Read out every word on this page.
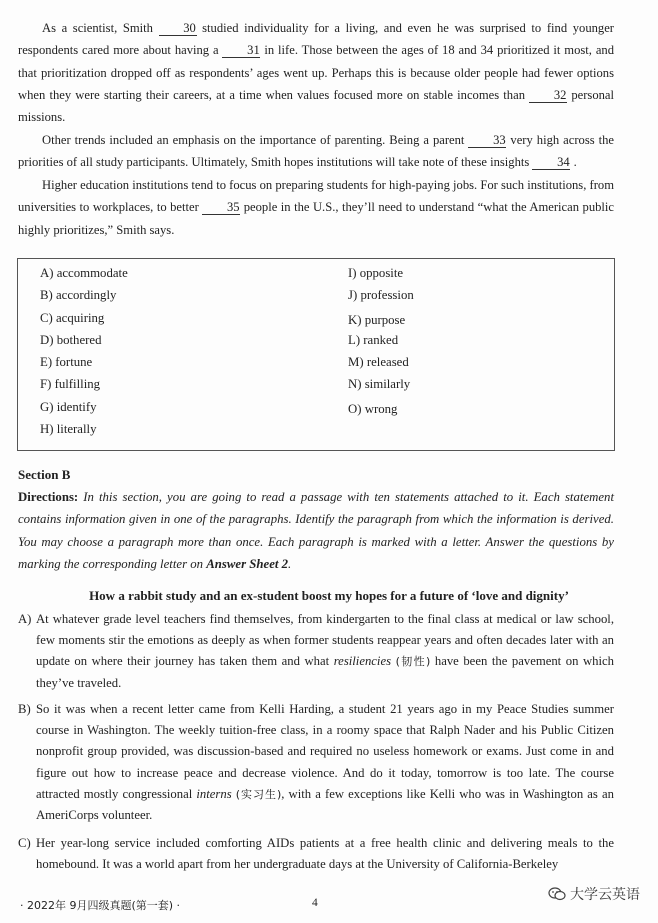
As a scientist, Smith 30 studied individuality for a living, and even he was surprised to find younger respondents cared more about having a 31 in life. Those between the ages of 18 and 34 prioritized it most, and that prioritization dropped off as respondents’ ages went up. Perhaps this is because older people had fewer options when they were starting their careers, at a time when values focused more on stable incomes than 32 personal missions.
Other trends included an emphasis on the importance of parenting. Being a parent 33 very high across the priorities of all study participants. Ultimately, Smith hopes institutions will take note of these insights 34 .
Higher education institutions tend to focus on preparing students for high-paying jobs. For such institutions, from universities to workplaces, to better 35 people in the U.S., they’ll need to understand “what the American public highly prioritizes,” Smith says.
A) accommodate
B) accordingly
C) acquiring
D) bothered
E) fortune
F) fulfilling
G) identify
H) literally
I) opposite
J) profession
K) purpose
L) ranked
M) released
N) similarly
O) wrong
Section B
Directions: In this section, you are going to read a passage with ten statements attached to it. Each statement contains information given in one of the paragraphs. Identify the paragraph from which the information is derived. You may choose a paragraph more than once. Each paragraph is marked with a letter. Answer the questions by marking the corresponding letter on Answer Sheet 2.
How a rabbit study and an ex-student boost my hopes for a future of ‘love and dignity’
A) At whatever grade level teachers find themselves, from kindergarten to the final class at medical or law school, few moments stir the emotions as deeply as when former students reappear years and often decades later with an update on where their journey has taken them and what resiliencies (韧性) have been the pavement on which they’ve traveled.
B) So it was when a recent letter came from Kelli Harding, a student 21 years ago in my Peace Studies summer course in Washington. The weekly tuition-free class, in a roomy space that Ralph Nader and his Public Citizen nonprofit group provided, was discussion-based and required no useless homework or exams. Just come in and figure out how to increase peace and decrease violence. And do it today, tomorrow is too late. The course attracted mostly congressional interns (实习生), with a few exceptions like Kelli who was in Washington as an AmeriCorps volunteer.
C) Her year-long service included comforting AIDs patients at a free health clinic and delivering meals to the homebound. It was a world apart from her undergraduate days at the University of California-Berkeley
· 2022年 9月四级真题(第一套) ·	4	大学云英语
